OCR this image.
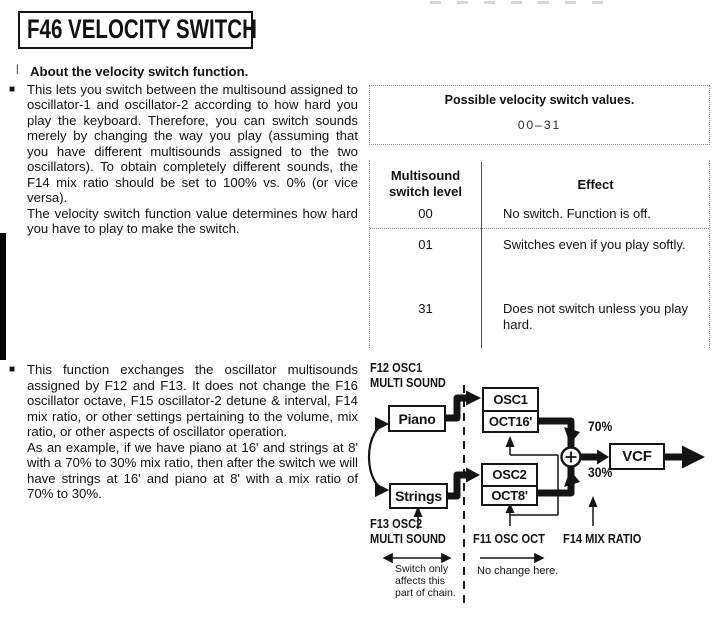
F46 VELOCITY SWITCH
| About the velocity switch function.
■ This lets you switch between the multisound assigned to oscillator-1 and oscillator-2 according to how hard you play the keyboard. Therefore, you can switch sounds merely by changing the way you play (assuming that you have different multisounds assigned to the two oscillators). To obtain completely different sounds, the F14 mix ratio should be set to 100% vs. 0% (or vice versa).
The velocity switch function value determines how hard you have to play to make the switch.
■ This function exchanges the oscillator multisounds assigned by F12 and F13. It does not change the F16 oscillator octave, F15 oscillator-2 detune & interval, F14 mix ratio, or other settings pertaining to the volume, mix ratio, or other aspects of oscillator operation.
As an example, if we have piano at 16' and strings at 8' with a 70% to 30% mix ratio, then after the switch we will have strings at 16' and piano at 8' with a mix ratio of 70% to 30%.
Possible velocity switch values.
00–31
Multisound
switch level	Effect
00	No switch. Function is off.
01	Switches even if you play softly.
31	Does not switch unless you play hard.
F12 OSC1
MULTI SOUND
Piano
Strings
OSC1
OCT16'
OSC2
OCT8'
VCF
70%
30%
F13 OSC2
MULTI SOUND F11 OSC OCT F14 MIX RATIO
Switch only
affects this
part of chain.
No change here.
